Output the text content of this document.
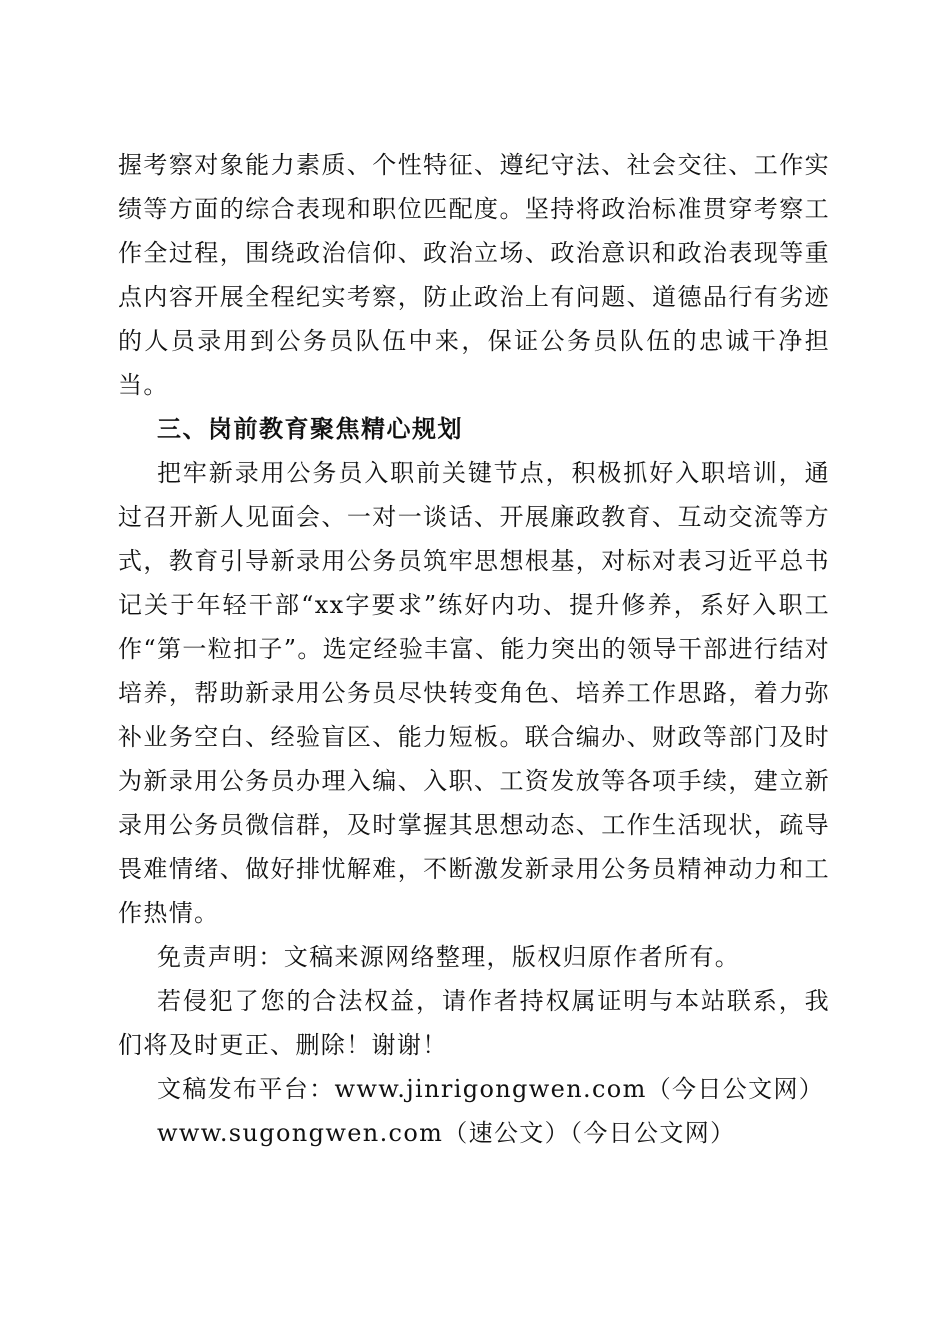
握考察对象能力素质、个性特征、遵纪守法、社会交往、工作实绩等方面的综合表现和职位匹配度。坚持将政治标准贯穿考察工作全过程，围绕政治信仰、政治立场、政治意识和政治表现等重点内容开展全程纪实考察，防止政治上有问题、道德品行有劣迹的人员录用到公务员队伍中来，保证公务员队伍的忠诚干净担当。

三、岗前教育聚焦精心规划

把牢新录用公务员入职前关键节点，积极抓好入职培训，通过召开新人见面会、一对一谈话、开展廉政教育、互动交流等方式，教育引导新录用公务员筑牢思想根基，对标对表习近平总书记关于年轻干部“xx字要求”练好内功、提升修养，系好入职工作“第一粒扣子”。选定经验丰富、能力突出的领导干部进行结对培养，帮助新录用公务员尽快转变角色、培养工作思路，着力弥补业务空白、经验盲区、能力短板。联合编办、财政等部门及时为新录用公务员办理入编、入职、工资发放等各项手续，建立新录用公务员微信群，及时掌握其思想动态、工作生活现状，疏导畏难情绪、做好排忧解难，不断激发新录用公务员精神动力和工作热情。

免责声明：文稿来源网络整理，版权归原作者所有。

若侵犯了您的合法权益，请作者持权属证明与本站联系，我们将及时更正、删除！谢谢！

文稿发布平台：www.jinrigongwen.com（今日公文网）

www.sugongwen.com（速公文）（今日公文网）
